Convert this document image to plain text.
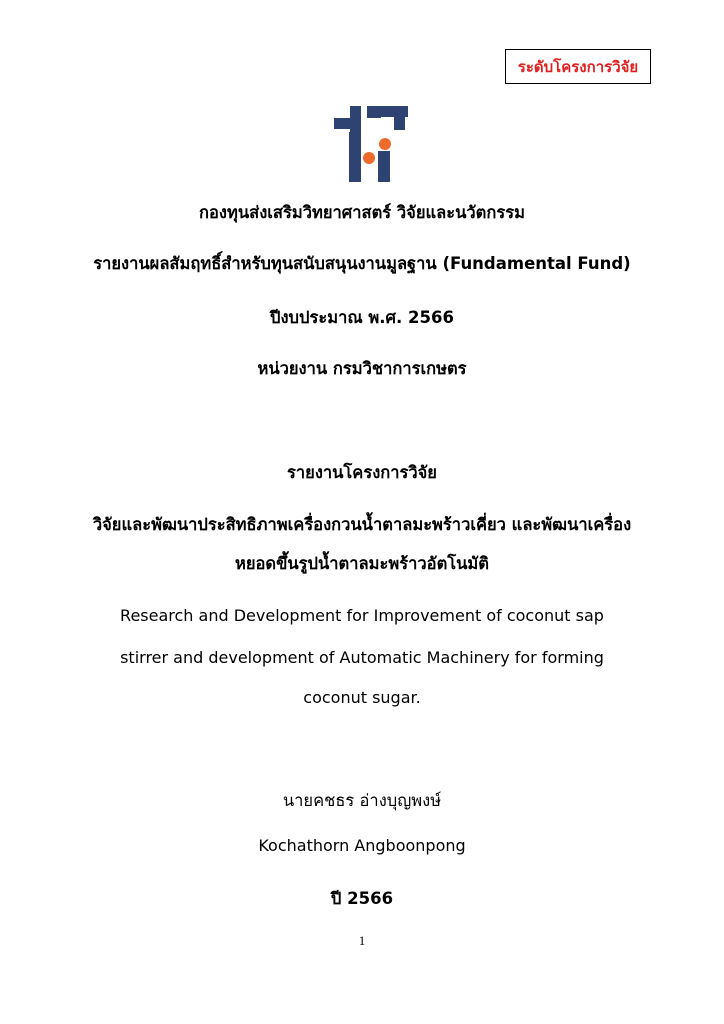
ระดับโครงการวิจัย
กองทุนส่งเสริมวิทยาศาสตร์ วิจัยและนวัตกรรม
รายงานผลสัมฤทธิ์สำหรับทุนสนับสนุนงานมูลฐาน (Fundamental Fund)
ปีงบประมาณ พ.ศ. 2566
หน่วยงาน กรมวิชาการเกษตร
รายงานโครงการวิจัย
วิจัยและพัฒนาประสิทธิภาพเครื่องกวนน้ำตาลมะพร้าวเคี่ยว และพัฒนาเครื่อง
หยอดขึ้นรูปน้ำตาลมะพร้าวอัตโนมัติ
Research and Development for Improvement of coconut sap
stirrer and development of Automatic Machinery for forming
coconut sugar.
นายคชธร อ่างบุญพงษ์
Kochathorn Angboonpong
ปี 2566
1
